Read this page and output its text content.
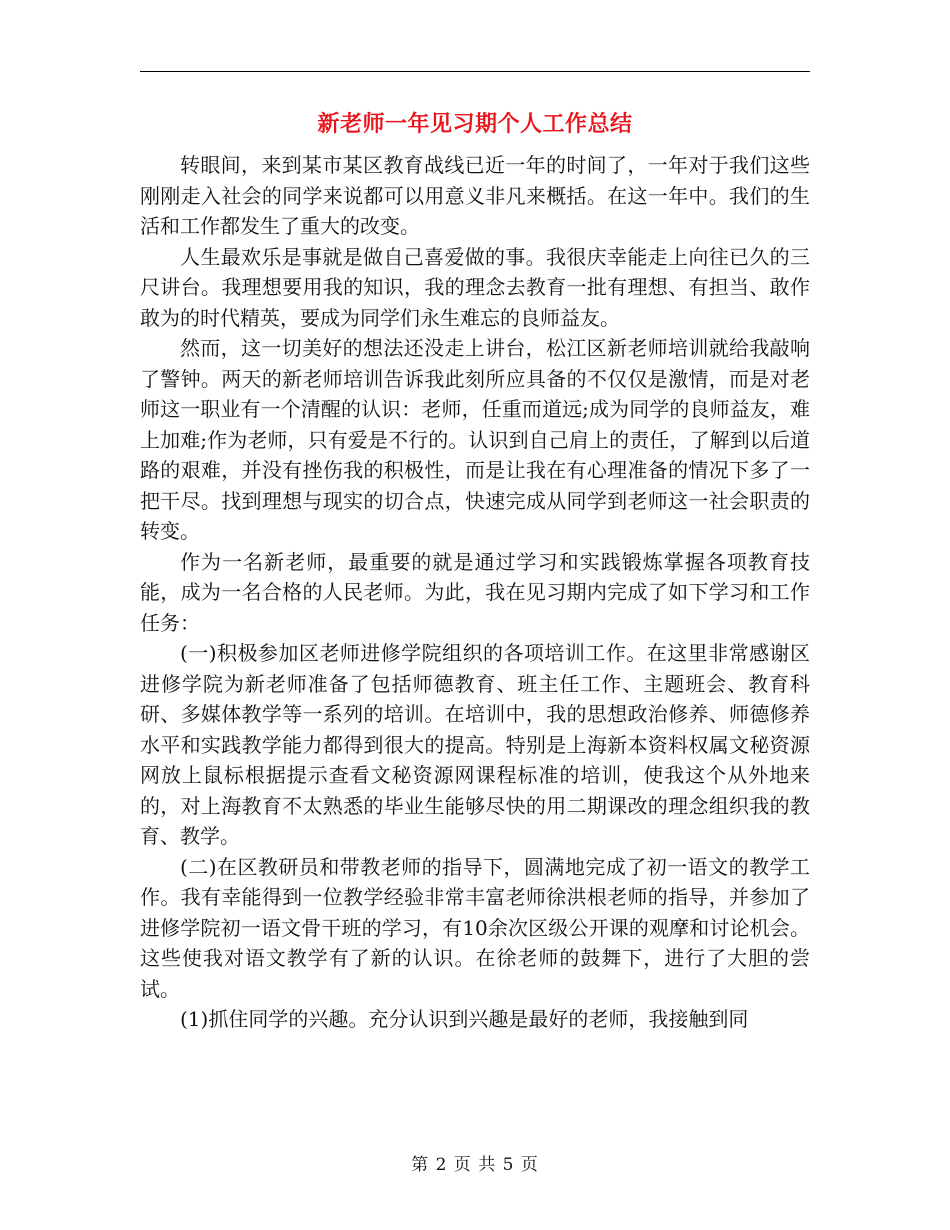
新老师一年见习期个人工作总结

转眼间，来到某市某区教育战线已近一年的时间了，一年对于我们这些刚刚走入社会的同学来说都可以用意义非凡来概括。在这一年中。我们的生活和工作都发生了重大的改变。

人生最欢乐是事就是做自己喜爱做的事。我很庆幸能走上向往已久的三尺讲台。我理想要用我的知识，我的理念去教育一批有理想、有担当、敢作敢为的时代精英，要成为同学们永生难忘的良师益友。

然而，这一切美好的想法还没走上讲台，松江区新老师培训就给我敲响了警钟。两天的新老师培训告诉我此刻所应具备的不仅仅是激情，而是对老师这一职业有一个清醒的认识：老师，任重而道远;成为同学的良师益友，难上加难;作为老师，只有爱是不行的。认识到自己肩上的责任，了解到以后道路的艰难，并没有挫伤我的积极性，而是让我在有心理准备的情况下多了一把干尽。找到理想与现实的切合点，快速完成从同学到老师这一社会职责的转变。

作为一名新老师，最重要的就是通过学习和实践锻炼掌握各项教育技能，成为一名合格的人民老师。为此，我在见习期内完成了如下学习和工作任务：

(一)积极参加区老师进修学院组织的各项培训工作。在这里非常感谢区进修学院为新老师准备了包括师德教育、班主任工作、主题班会、教育科研、多媒体教学等一系列的培训。在培训中，我的思想政治修养、师德修养水平和实践教学能力都得到很大的提高。特别是上海新本资料权属文秘资源网放上鼠标根据提示查看文秘资源网课程标准的培训，使我这个从外地来的，对上海教育不太熟悉的毕业生能够尽快的用二期课改的理念组织我的教育、教学。

(二)在区教研员和带教老师的指导下，圆满地完成了初一语文的教学工作。我有幸能得到一位教学经验非常丰富老师徐洪根老师的指导，并参加了进修学院初一语文骨干班的学习，有10余次区级公开课的观摩和讨论机会。这些使我对语文教学有了新的认识。在徐老师的鼓舞下，进行了大胆的尝试。

(1)抓住同学的兴趣。充分认识到兴趣是最好的老师，我接触到同

第 2 页 共 5 页
